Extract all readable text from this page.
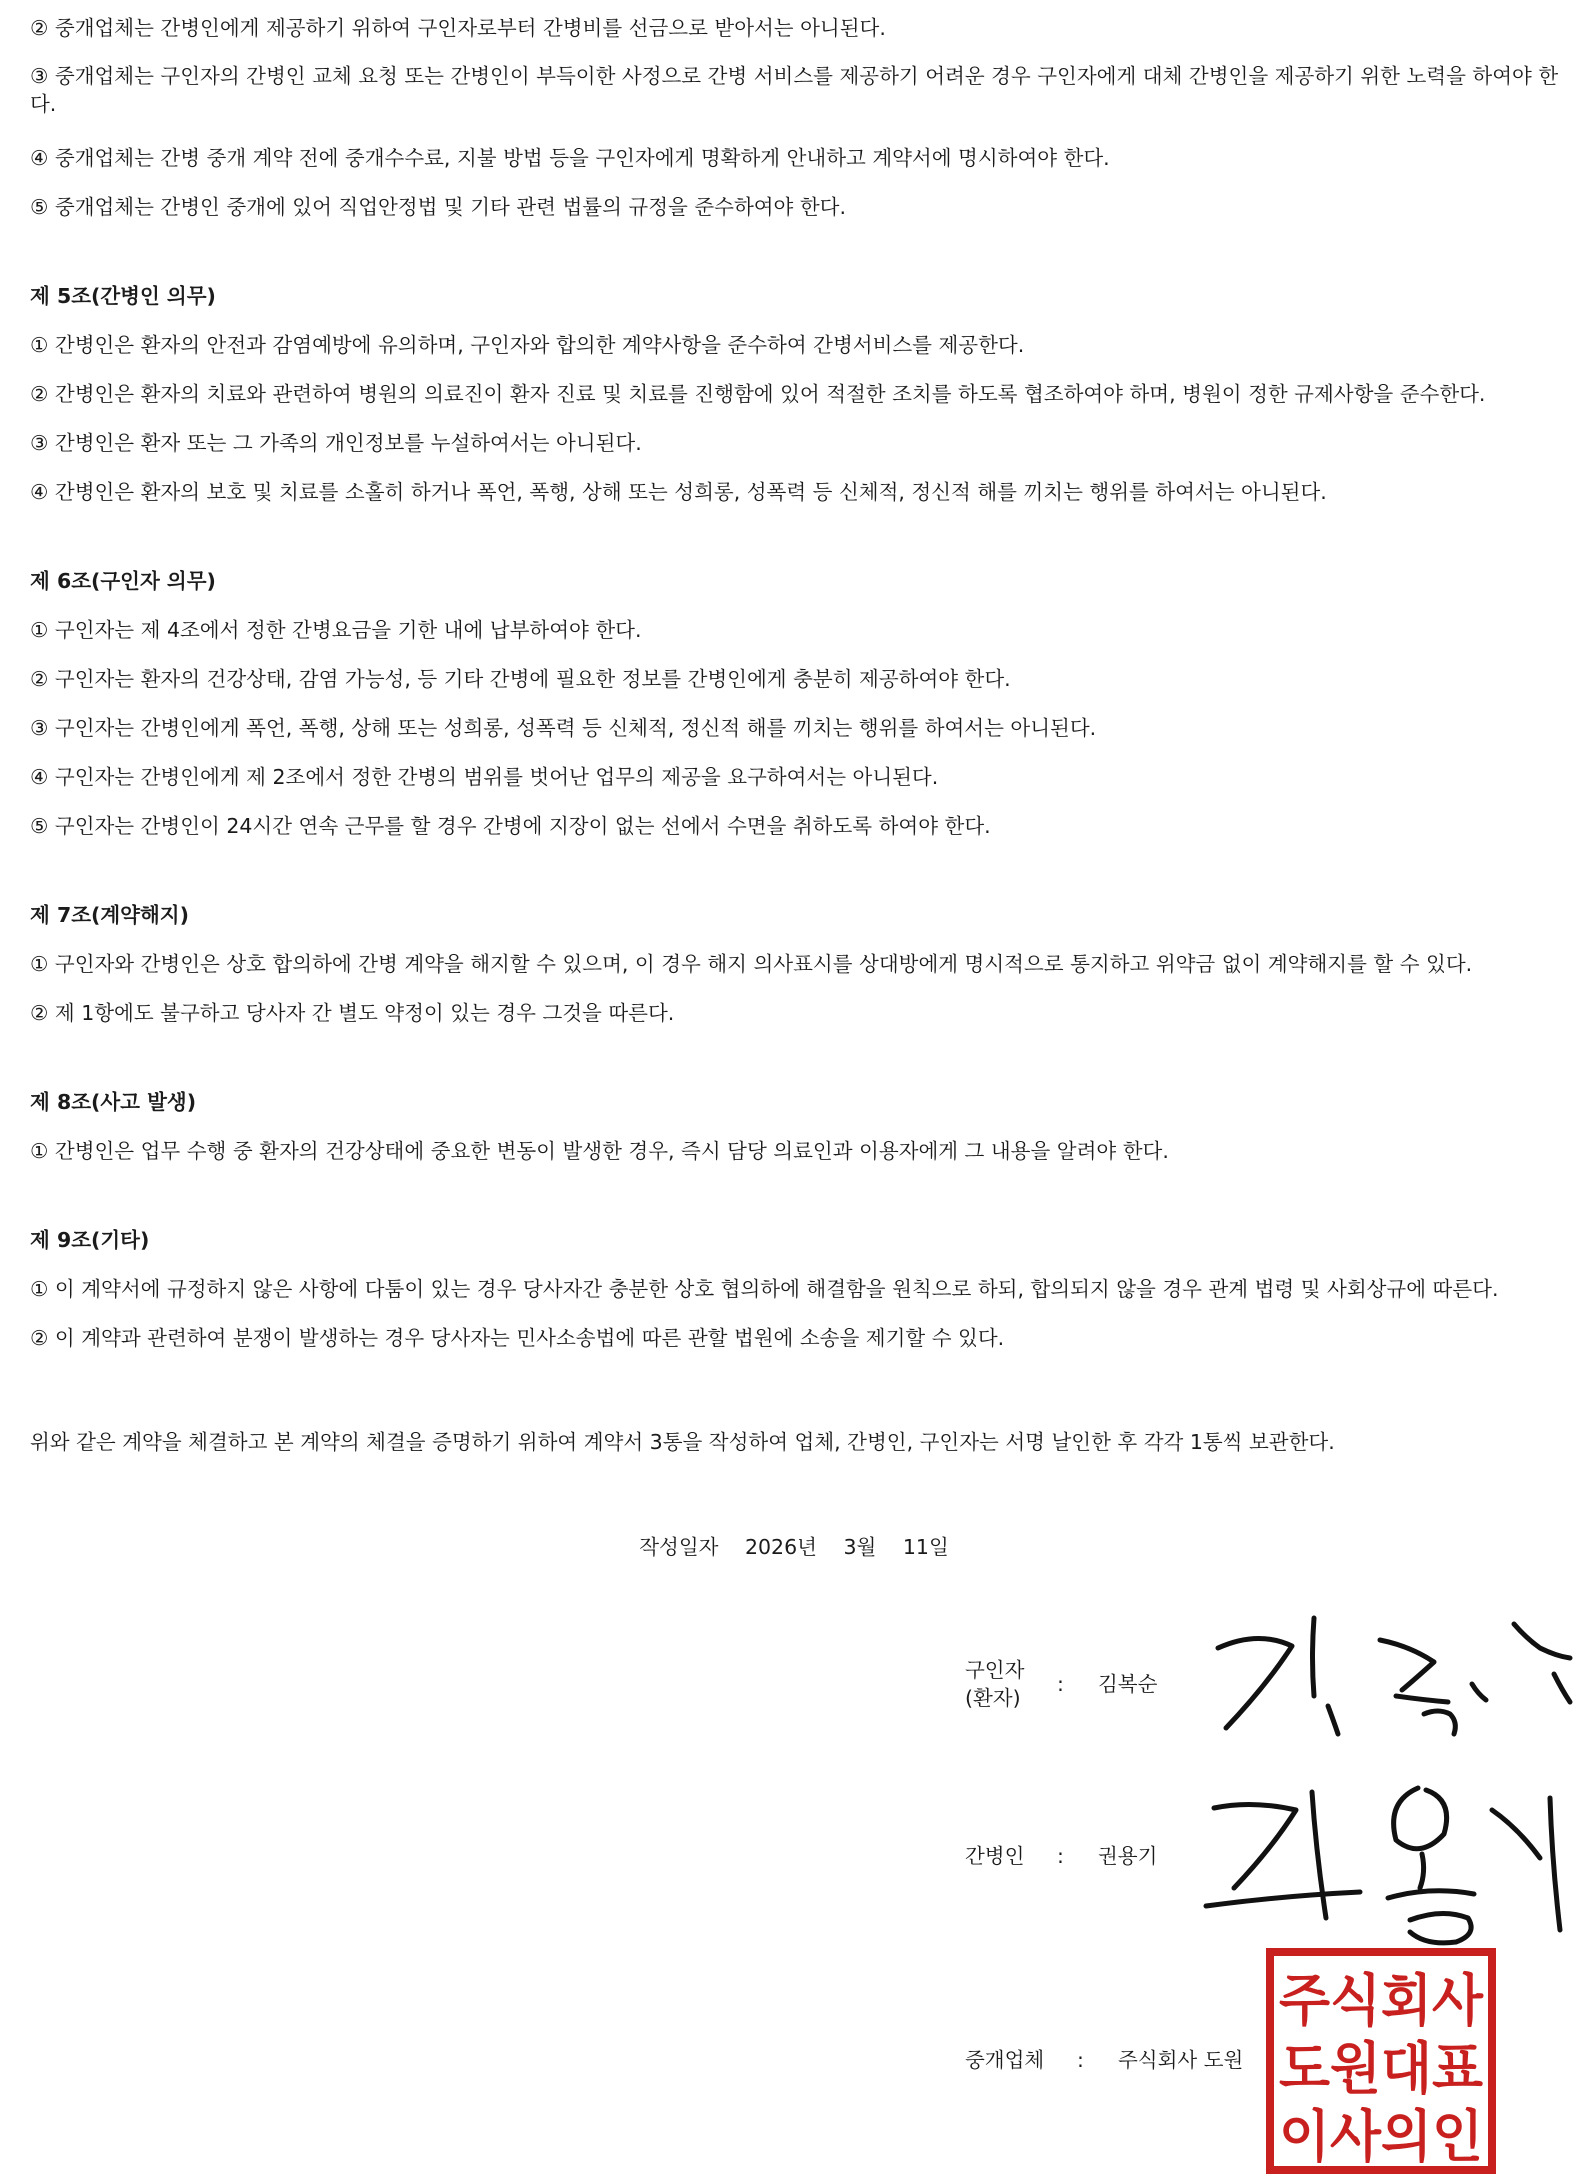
② 중개업체는 간병인에게 제공하기 위하여 구인자로부터 간병비를 선금으로 받아서는 아니된다.
③ 중개업체는 구인자의 간병인 교체 요청 또는 간병인이 부득이한 사정으로 간병 서비스를 제공하기 어려운 경우 구인자에게 대체 간병인을 제공하기 위한 노력을 하여야 한다.
④ 중개업체는 간병 중개 계약 전에 중개수수료, 지불 방법 등을 구인자에게 명확하게 안내하고 계약서에 명시하여야 한다.
⑤ 중개업체는 간병인 중개에 있어 직업안정법 및 기타 관련 법률의 규정을 준수하여야 한다.
제 5조(간병인 의무)
① 간병인은 환자의 안전과 감염예방에 유의하며, 구인자와 합의한 계약사항을 준수하여 간병서비스를 제공한다.
② 간병인은 환자의 치료와 관련하여 병원의 의료진이 환자 진료 및 치료를 진행함에 있어 적절한 조치를 하도록 협조하여야 하며, 병원이 정한 규제사항을 준수한다.
③ 간병인은 환자 또는 그 가족의 개인정보를 누설하여서는 아니된다.
④ 간병인은 환자의 보호 및 치료를 소홀히 하거나 폭언, 폭행, 상해 또는 성희롱, 성폭력 등 신체적, 정신적 해를 끼치는 행위를 하여서는 아니된다.
제 6조(구인자 의무)
① 구인자는 제 4조에서 정한 간병요금을 기한 내에 납부하여야 한다.
② 구인자는 환자의 건강상태, 감염 가능성, 등 기타 간병에 필요한 정보를 간병인에게 충분히 제공하여야 한다.
③ 구인자는 간병인에게 폭언, 폭행, 상해 또는 성희롱, 성폭력 등 신체적, 정신적 해를 끼치는 행위를 하여서는 아니된다.
④ 구인자는 간병인에게 제 2조에서 정한 간병의 범위를 벗어난 업무의 제공을 요구하여서는 아니된다.
⑤ 구인자는 간병인이 24시간 연속 근무를 할 경우 간병에 지장이 없는 선에서 수면을 취하도록 하여야 한다.
제 7조(계약해지)
① 구인자와 간병인은 상호 합의하에 간병 계약을 해지할 수 있으며, 이 경우 해지 의사표시를 상대방에게 명시적으로 통지하고 위약금 없이 계약해지를 할 수 있다.
② 제 1항에도 불구하고 당사자 간 별도 약정이 있는 경우 그것을 따른다.
제 8조(사고 발생)
① 간병인은 업무 수행 중 환자의 건강상태에 중요한 변동이 발생한 경우, 즉시 담당 의료인과 이용자에게 그 내용을 알려야 한다.
제 9조(기타)
① 이 계약서에 규정하지 않은 사항에 다툼이 있는 경우 당사자간 충분한 상호 협의하에 해결함을 원칙으로 하되, 합의되지 않을 경우 관계 법령 및 사회상규에 따른다.
② 이 계약과 관련하여 분쟁이 발생하는 경우 당사자는 민사소송법에 따른 관할 법원에 소송을 제기할 수 있다.
위와 같은 계약을 체결하고 본 계약의 체결을 증명하기 위하여 계약서 3통을 작성하여 업체, 간병인, 구인자는 서명 날인한 후 각각 1통씩 보관한다.
작성일자 2026년 3월 11일
구인자
(환자)
: 김복순
간병인 : 권용기
중개업체 : 주식회사 도원
주식회사
도원대표
이사의인
